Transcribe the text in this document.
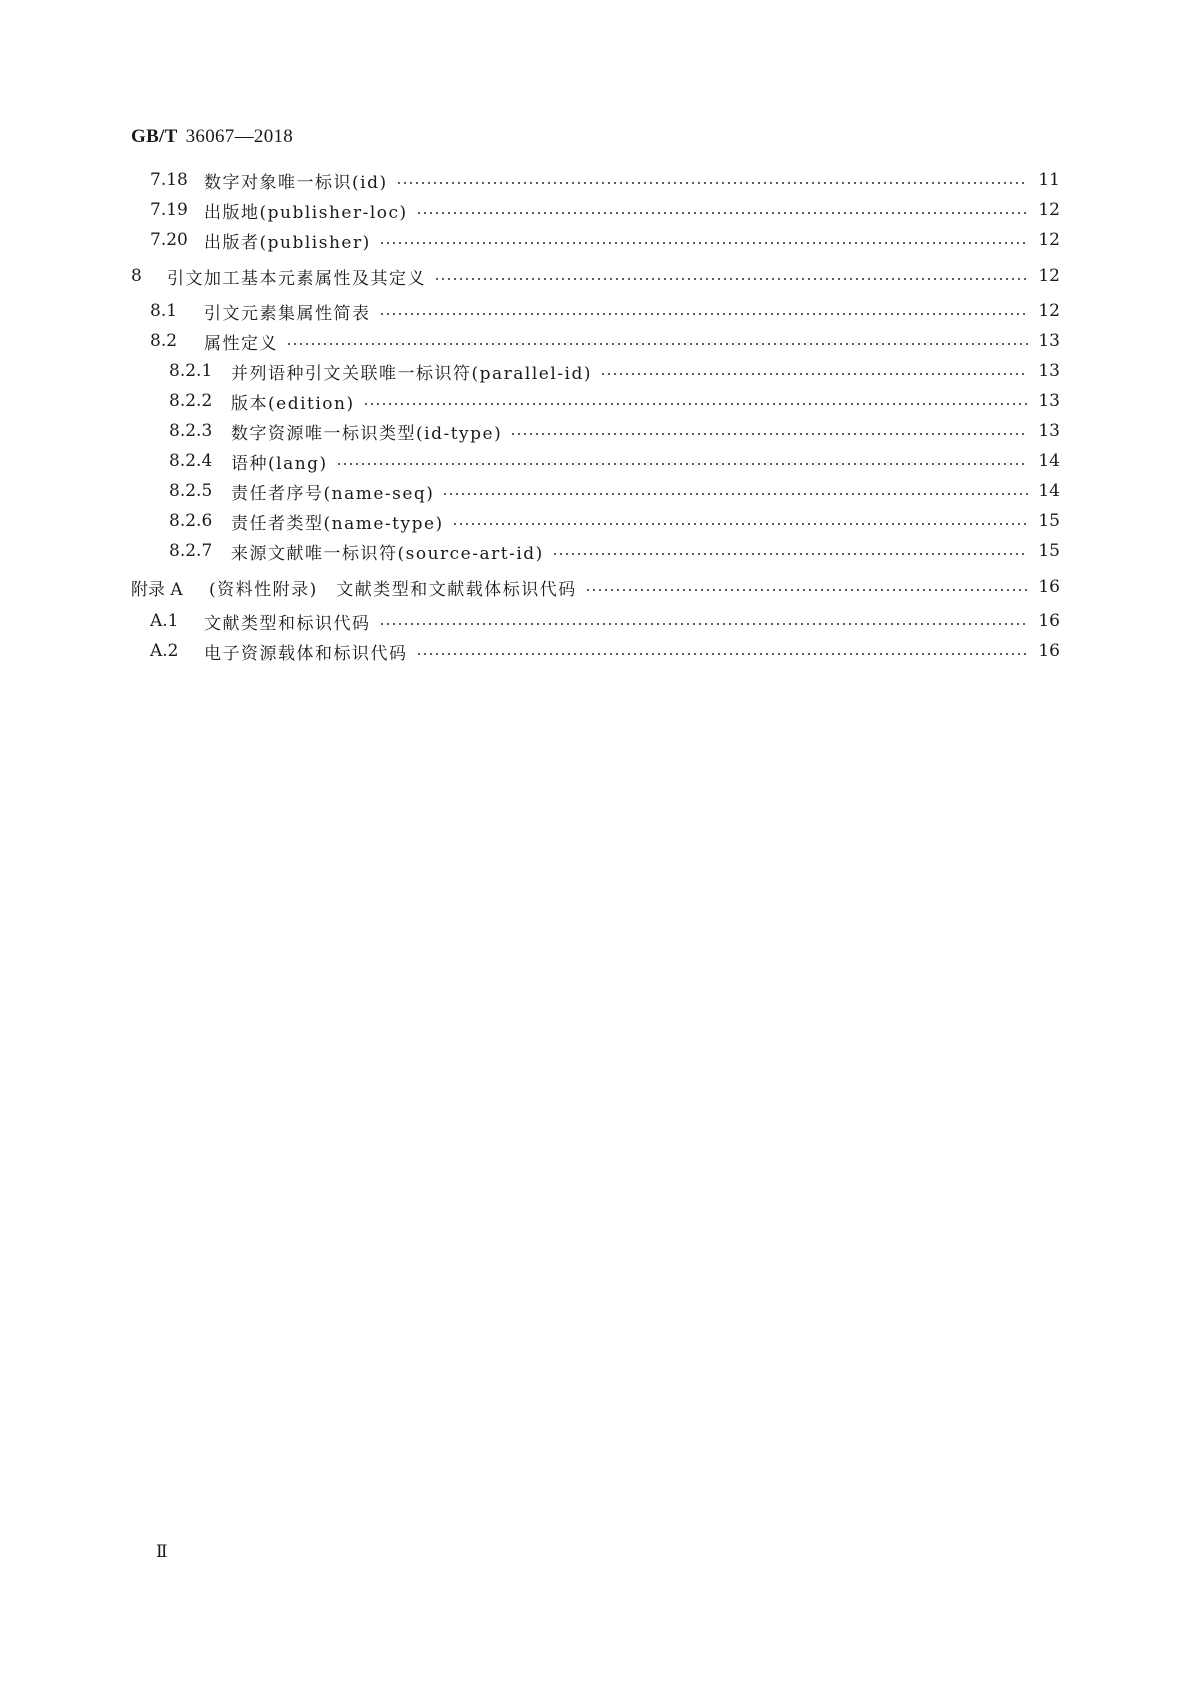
GB/T 36067—2018
7.18 数字对象唯一标识(id)	11
7.19 出版地(publisher-loc)	12
7.20 出版者(publisher)	12
8	引文加工基本元素属性及其定义	12
8.1	引文元素集属性简表	12
8.2	属性定义	13
8.2.1	并列语种引文关联唯一标识符(parallel-id)	13
8.2.2	版本(edition)	13
8.2.3	数字资源唯一标识类型(id-type)	13
8.2.4	语种(lang)	14
8.2.5	责任者序号(name-seq)	14
8.2.6	责任者类型(name-type)	15
8.2.7	来源文献唯一标识符(source-art-id)	15
附录 A	(资料性附录)　文献类型和文献载体标识代码	16
A.1	文献类型和标识代码	16
A.2	电子资源载体和标识代码	16
Ⅱ
